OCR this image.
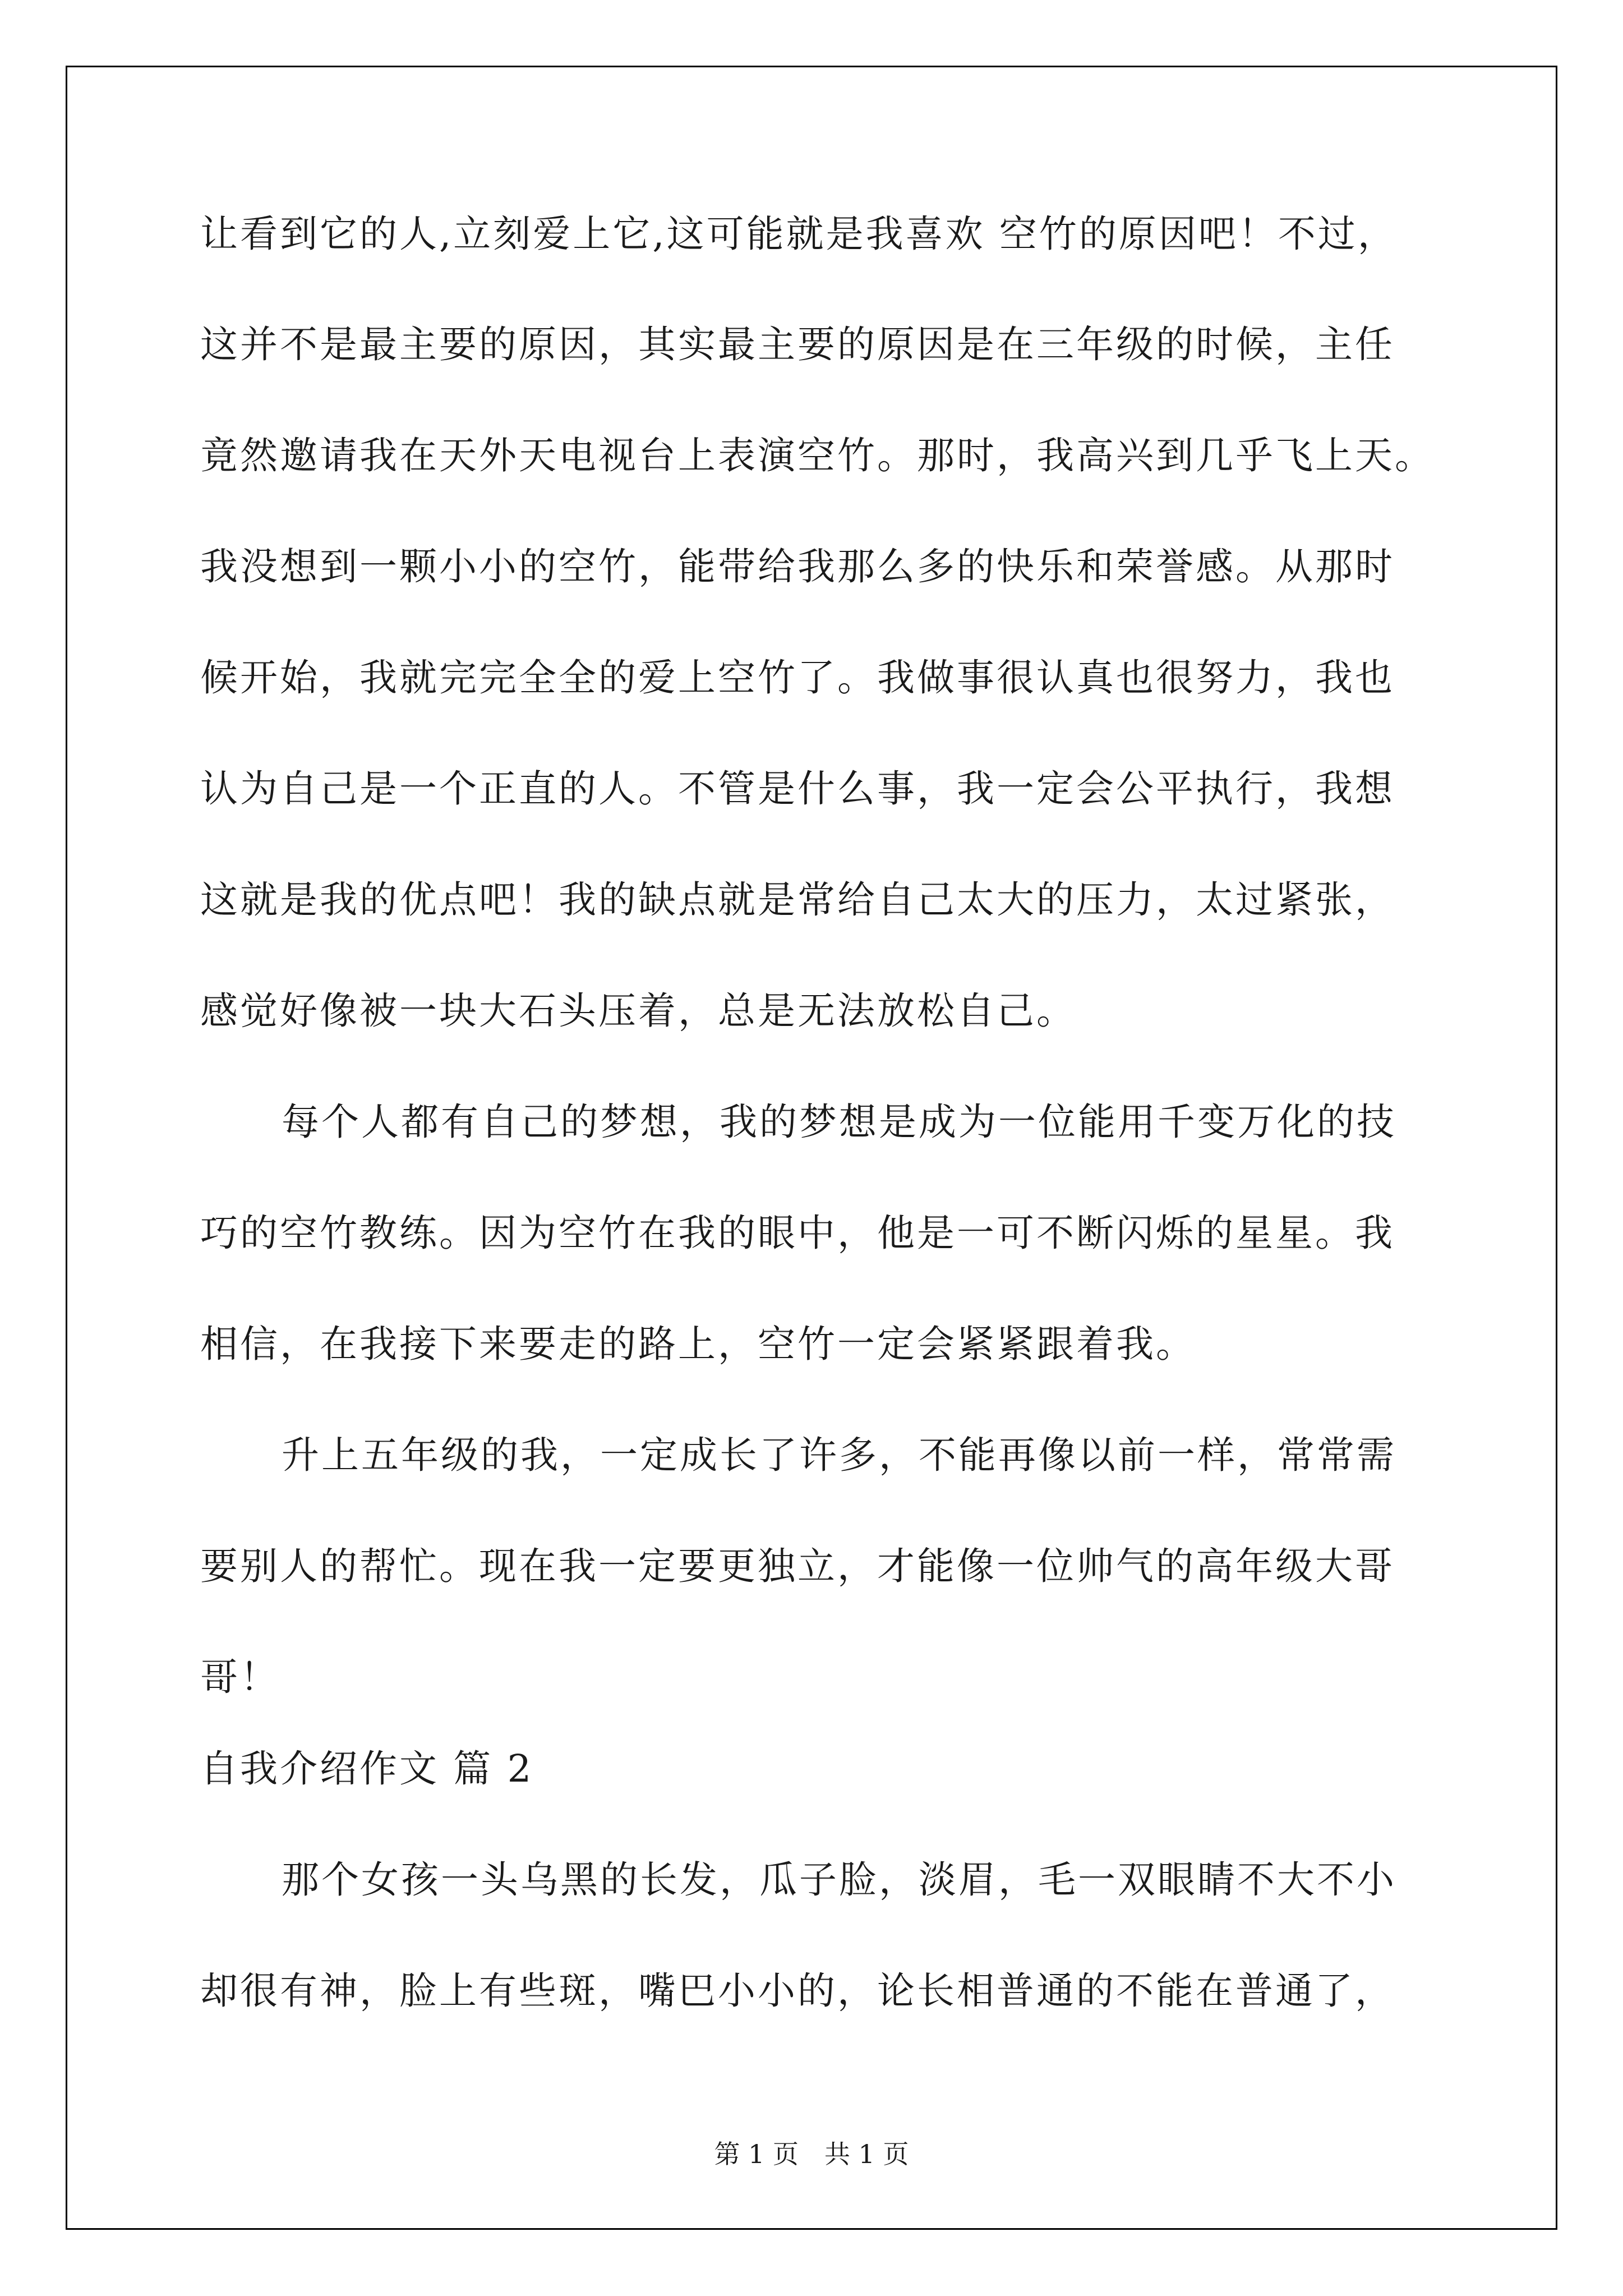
让看到它的人,立刻爱上它,这可能就是我喜欢 空竹的原因吧！不过，
这并不是最主要的原因，其实最主要的原因是在三年级的时候，主任
竟然邀请我在天外天电视台上表演空竹。那时，我高兴到几乎飞上天。
我没想到一颗小小的空竹，能带给我那么多的快乐和荣誉感。从那时
候开始，我就完完全全的爱上空竹了。我做事很认真也很努力，我也
认为自己是一个正直的人。不管是什么事，我一定会公平执行，我想
这就是我的优点吧！我的缺点就是常给自己太大的压力，太过紧张，
感觉好像被一块大石头压着，总是无法放松自己。
每个人都有自己的梦想，我的梦想是成为一位能用千变万化的技
巧的空竹教练。因为空竹在我的眼中，他是一可不断闪烁的星星。我
相信，在我接下来要走的路上，空竹一定会紧紧跟着我。
升上五年级的我，一定成长了许多，不能再像以前一样，常常需
要别人的帮忙。现在我一定要更独立，才能像一位帅气的高年级大哥
哥！
自我介绍作文 篇 2
那个女孩一头乌黑的长发，瓜子脸，淡眉，毛一双眼睛不大不小
却很有神，脸上有些斑，嘴巴小小的，论长相普通的不能在普通了，
第 1 页　共 1 页
